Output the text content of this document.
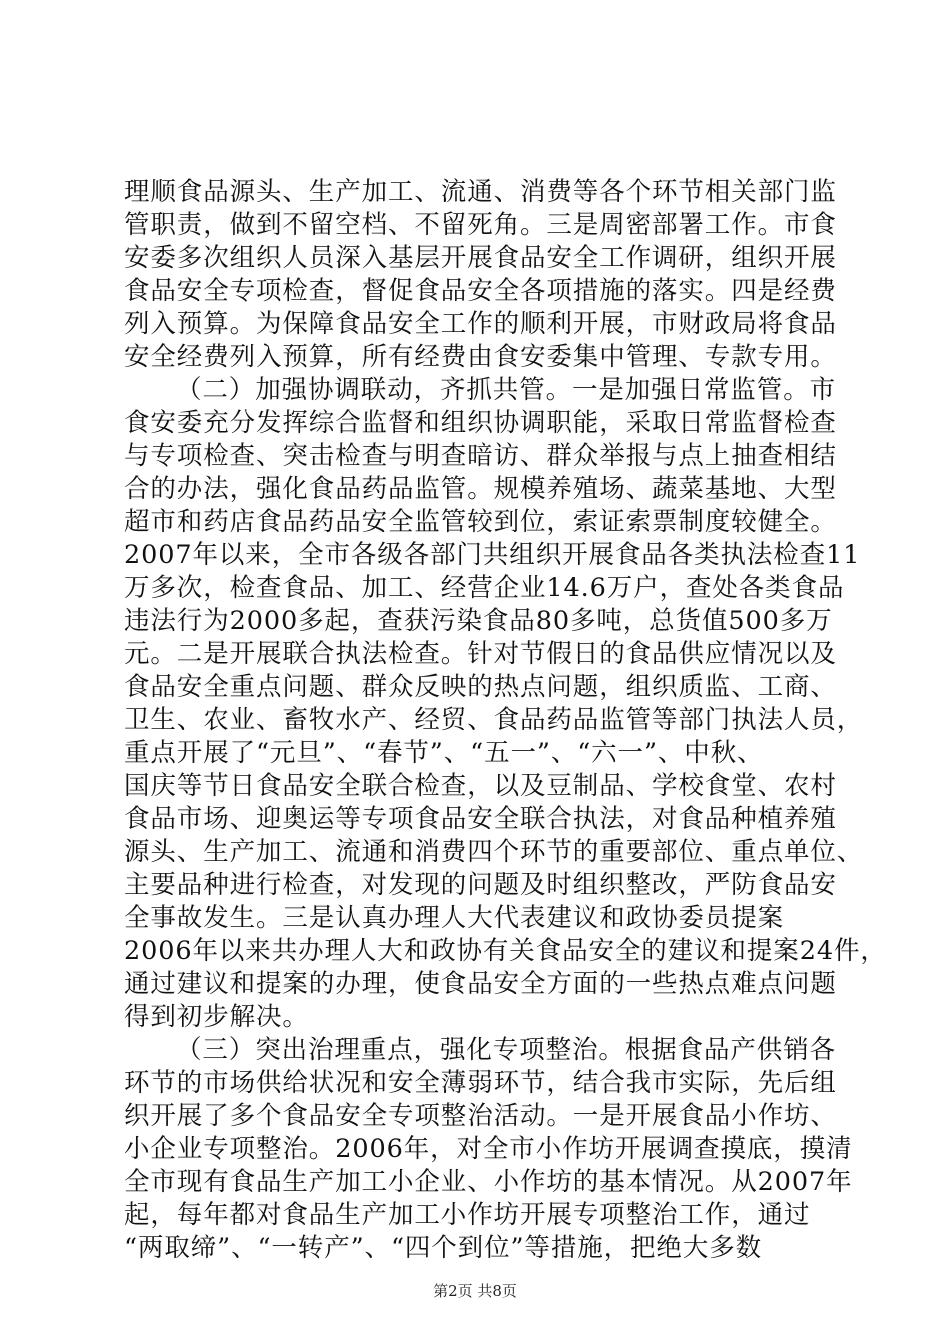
理顺食品源头、生产加工、流通、消费等各个环节相关部门监
管职责，做到不留空档、不留死角。三是周密部署工作。市食
安委多次组织人员深入基层开展食品安全工作调研，组织开展
食品安全专项检查，督促食品安全各项措施的落实。四是经费
列入预算。为保障食品安全工作的顺利开展，市财政局将食品
安全经费列入预算，所有经费由食安委集中管理、专款专用。
（二）加强协调联动，齐抓共管。一是加强日常监管。市
食安委充分发挥综合监督和组织协调职能，采取日常监督检查
与专项检查、突击检查与明查暗访、群众举报与点上抽查相结
合的办法，强化食品药品监管。规模养殖场、蔬菜基地、大型
超市和药店食品药品安全监管较到位，索证索票制度较健全。
2007年以来，全市各级各部门共组织开展食品各类执法检查11
万多次，检查食品、加工、经营企业14.6万户，查处各类食品
违法行为2000多起，查获污染食品80多吨，总货值500多万
元。二是开展联合执法检查。针对节假日的食品供应情况以及
食品安全重点问题、群众反映的热点问题，组织质监、工商、
卫生、农业、畜牧水产、经贸、食品药品监管等部门执法人员，
重点开展了“元旦”、“春节”、“五一”、“六一”、中秋、
国庆等节日食品安全联合检查，以及豆制品、学校食堂、农村
食品市场、迎奥运等专项食品安全联合执法，对食品种植养殖
源头、生产加工、流通和消费四个环节的重要部位、重点单位、
主要品种进行检查，对发现的问题及时组织整改，严防食品安
全事故发生。三是认真办理人大代表建议和政协委员提案
2006年以来共办理人大和政协有关食品安全的建议和提案24件，
通过建议和提案的办理，使食品安全方面的一些热点难点问题
得到初步解决。
（三）突出治理重点，强化专项整治。根据食品产供销各
环节的市场供给状况和安全薄弱环节，结合我市实际，先后组
织开展了多个食品安全专项整治活动。一是开展食品小作坊、
小企业专项整治。2006年，对全市小作坊开展调查摸底，摸清
全市现有食品生产加工小企业、小作坊的基本情况。从2007年
起，每年都对食品生产加工小作坊开展专项整治工作，通过
“两取缔”、“一转产”、“四个到位”等措施，把绝大多数
第2页 共8页
